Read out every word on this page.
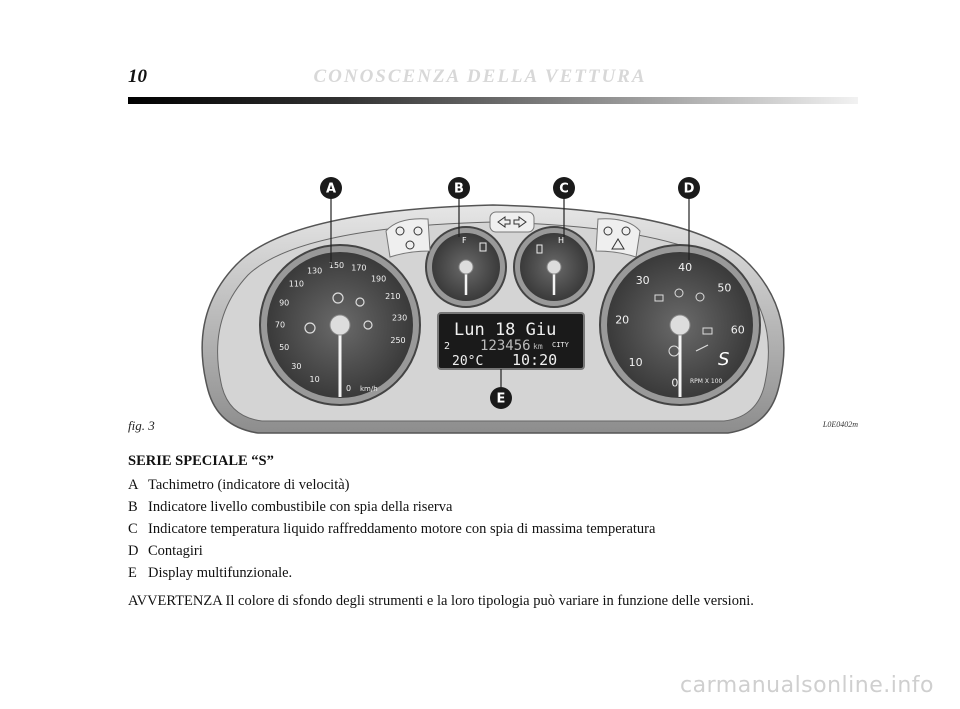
10	CONOSCENZA DELLA VETTURA
10
30
50
70
90
110
130
150 170
190
210
230
250
0 km/h
F	H
0
10
20
30
40
50
60
RPM X 100
S
Lun 18 Giu
2 123456 km CITY
20°C 10:20
A	B	C	D
E
fig. 3	L0E0402m
SERIE SPECIALE “S”
A Tachimetro (indicatore di velocità)
B Indicatore livello combustibile con spia della riserva
C Indicatore temperatura liquido raffreddamento motore con spia di massima temperatura
D Contagiri
E Display multifunzionale.
AVVERTENZA Il colore di sfondo degli strumenti e la loro tipologia può variare in funzione delle versioni.
carmanualsonline.info
